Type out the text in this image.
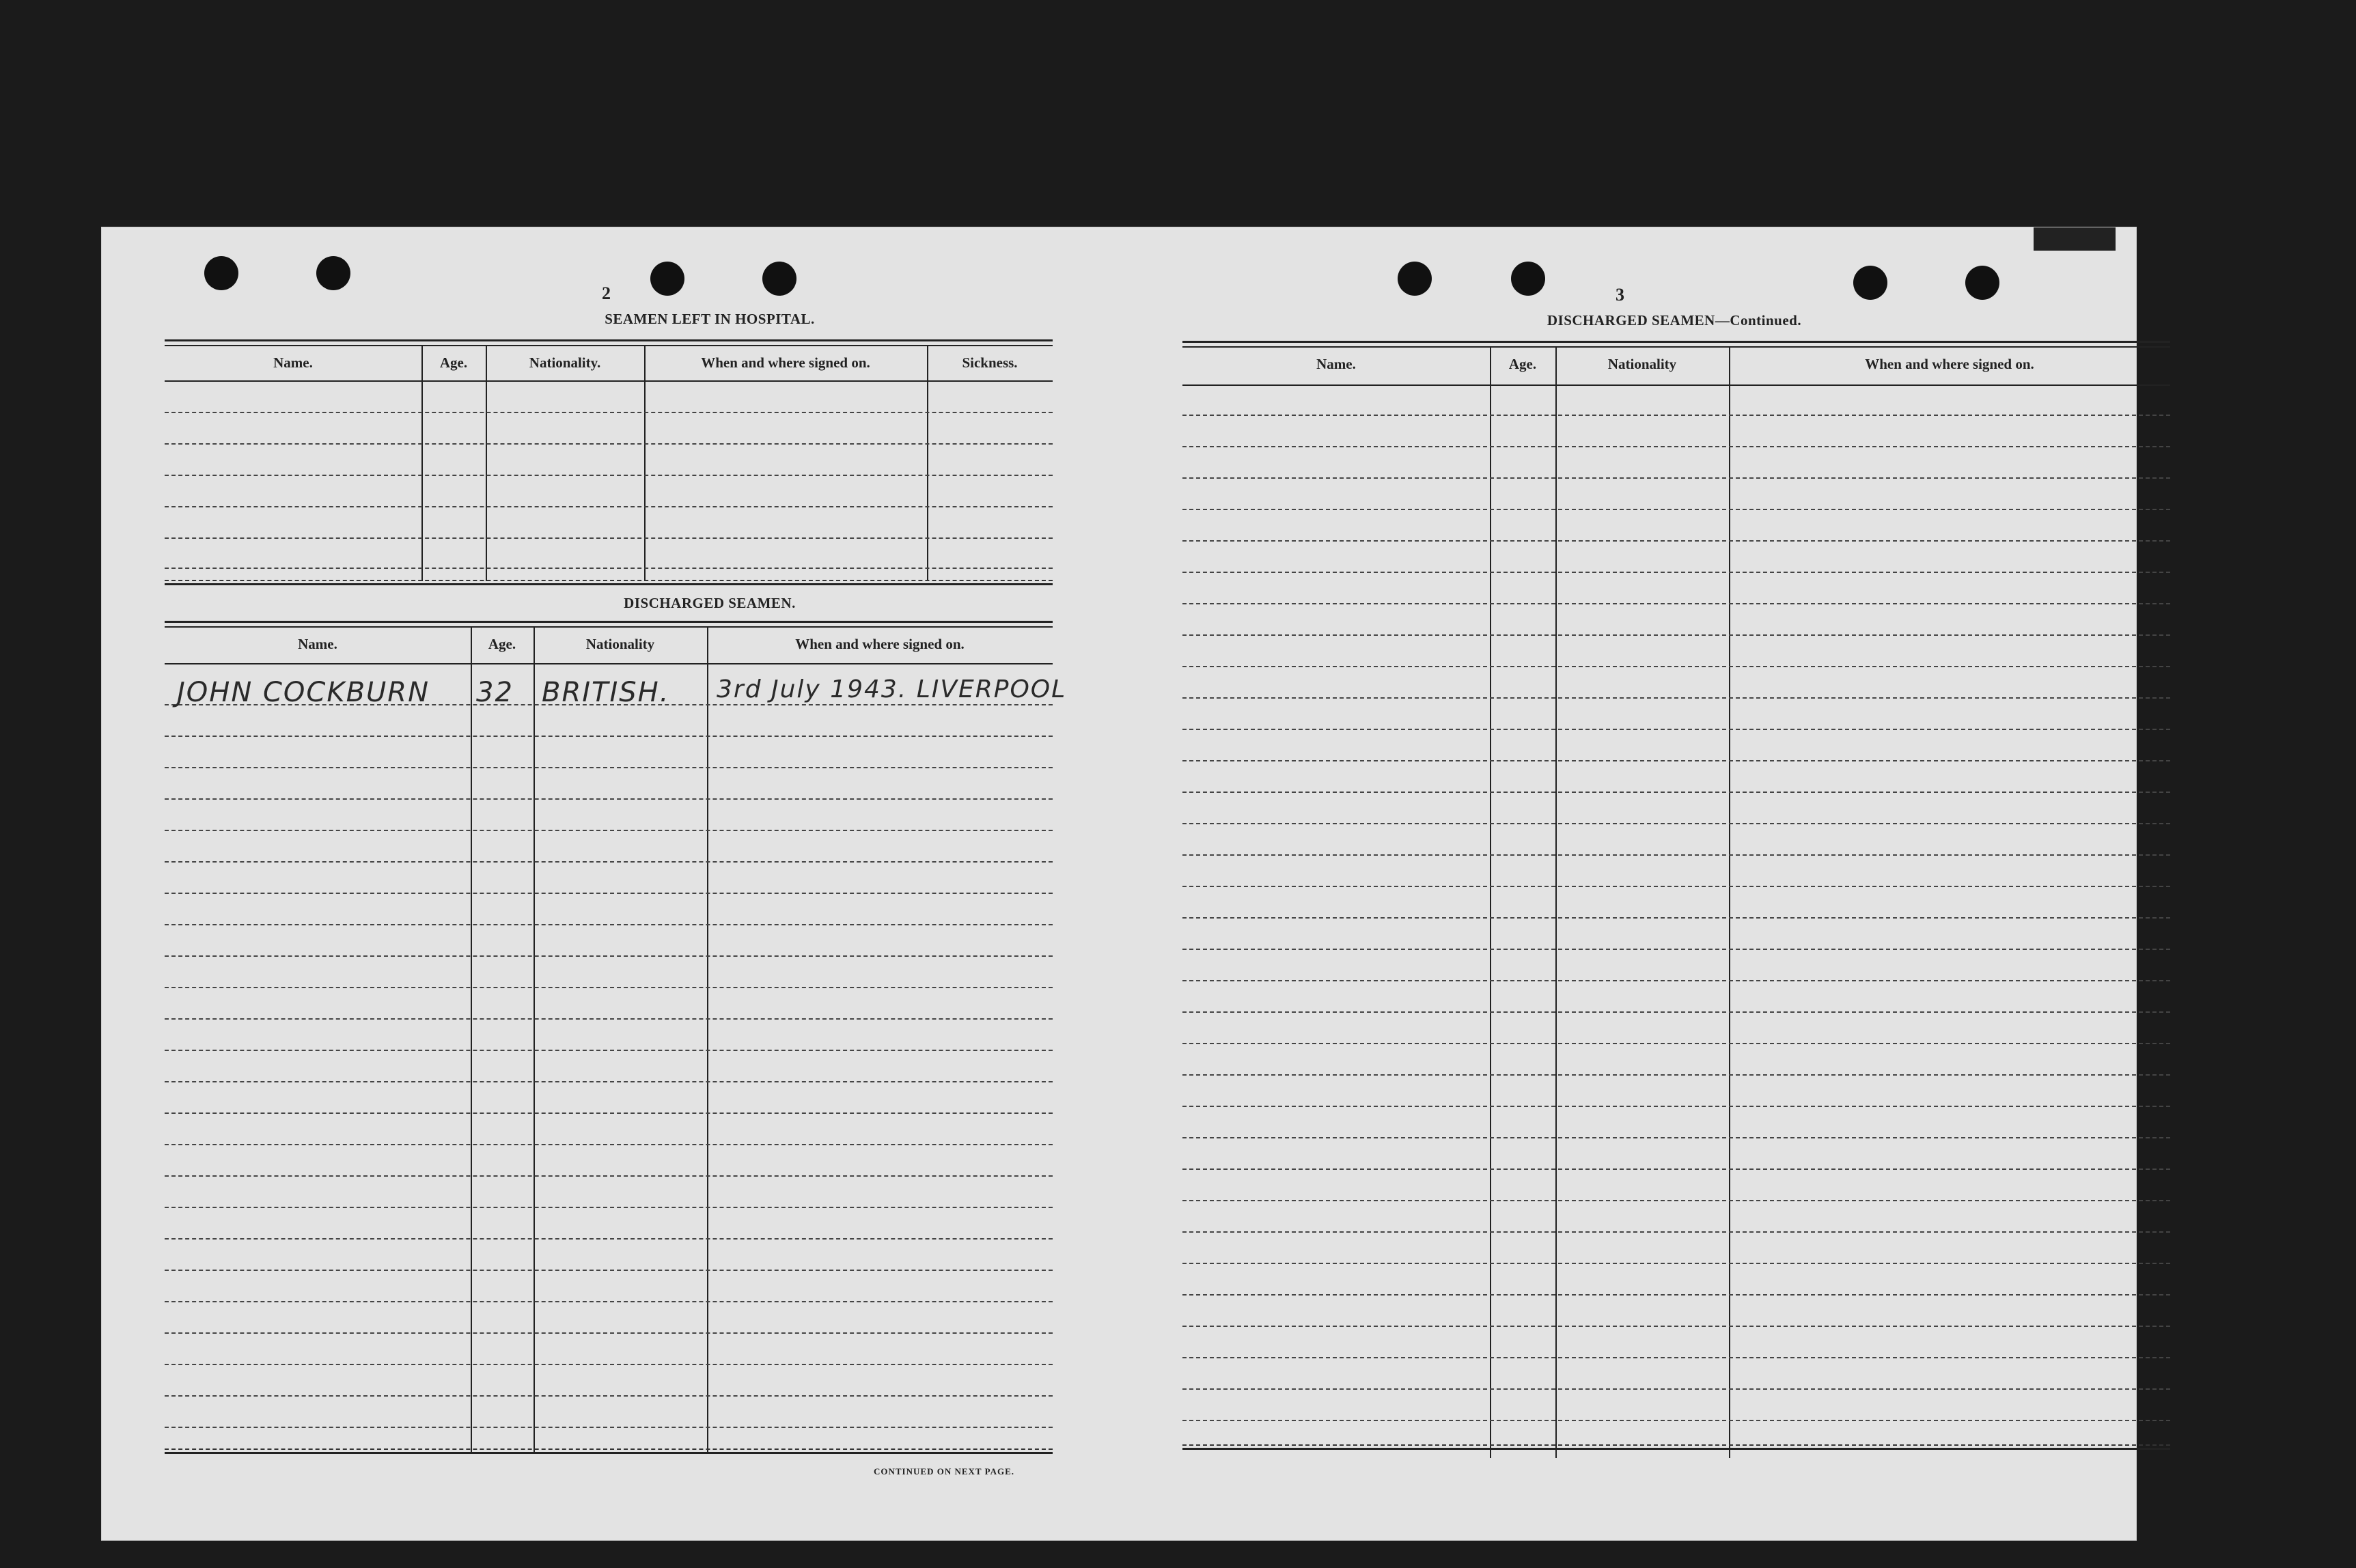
2
SEAMEN LEFT IN HOSPITAL.
Name.	Age.	Nationality.	When and where signed on.	Sickness.
DISCHARGED SEAMEN.
Name.	Age.	Nationality	When and where signed on.
JOHN COCKBURN 32 BRITISH. 3rd July 1943. LIVERPOOL
CONTINUED ON NEXT PAGE.
3
DISCHARGED SEAMEN—Continued.
Name.	Age.	Nationality	When and where signed on.
